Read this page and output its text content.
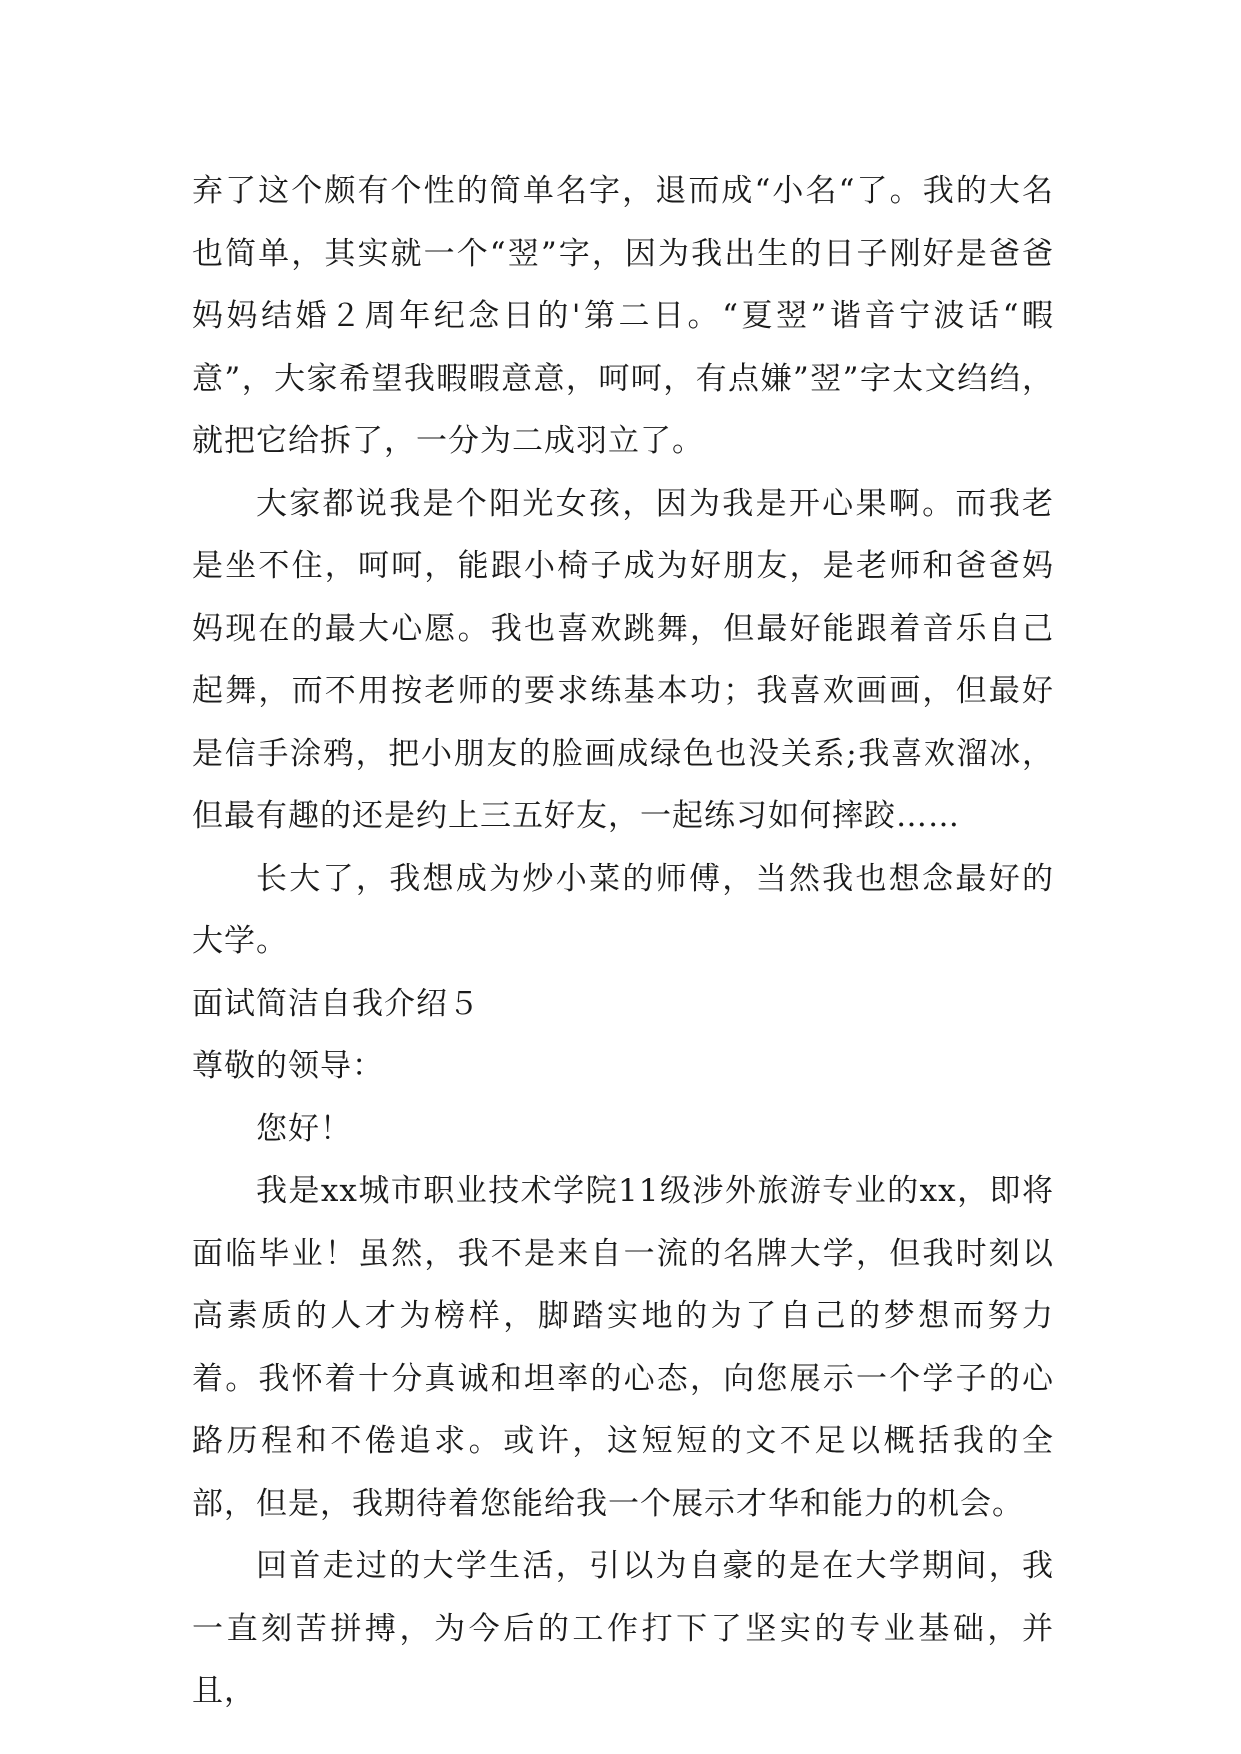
弃了这个颇有个性的简单名字，退而成“小名“了。我的大名也简单，其实就一个“翌”字，因为我出生的日子刚好是爸爸妈妈结婚２周年纪念日的'第二日。“夏翌”谐音宁波话“暇意”，大家希望我暇暇意意，呵呵，有点嫌”翌”字太文绉绉，就把它给拆了，一分为二成羽立了。

大家都说我是个阳光女孩，因为我是开心果啊。而我老是坐不住，呵呵，能跟小椅子成为好朋友，是老师和爸爸妈妈现在的最大心愿。我也喜欢跳舞，但最好能跟着音乐自己起舞，而不用按老师的要求练基本功；我喜欢画画，但最好是信手涂鸦，把小朋友的脸画成绿色也没关系;我喜欢溜冰，但最有趣的还是约上三五好友，一起练习如何摔跤……

长大了，我想成为炒小菜的师傅，当然我也想念最好的大学。

面试简洁自我介绍５

尊敬的领导：

您好！

我是xx城市职业技术学院11级涉外旅游专业的xx，即将面临毕业！虽然，我不是来自一流的名牌大学，但我时刻以高素质的人才为榜样，脚踏实地的为了自己的梦想而努力着。我怀着十分真诚和坦率的心态，向您展示一个学子的心路历程和不倦追求。或许，这短短的文不足以概括我的全部，但是，我期待着您能给我一个展示才华和能力的机会。

回首走过的大学生活，引以为自豪的是在大学期间，我一直刻苦拼搏，为今后的工作打下了坚实的专业基础，并且，
